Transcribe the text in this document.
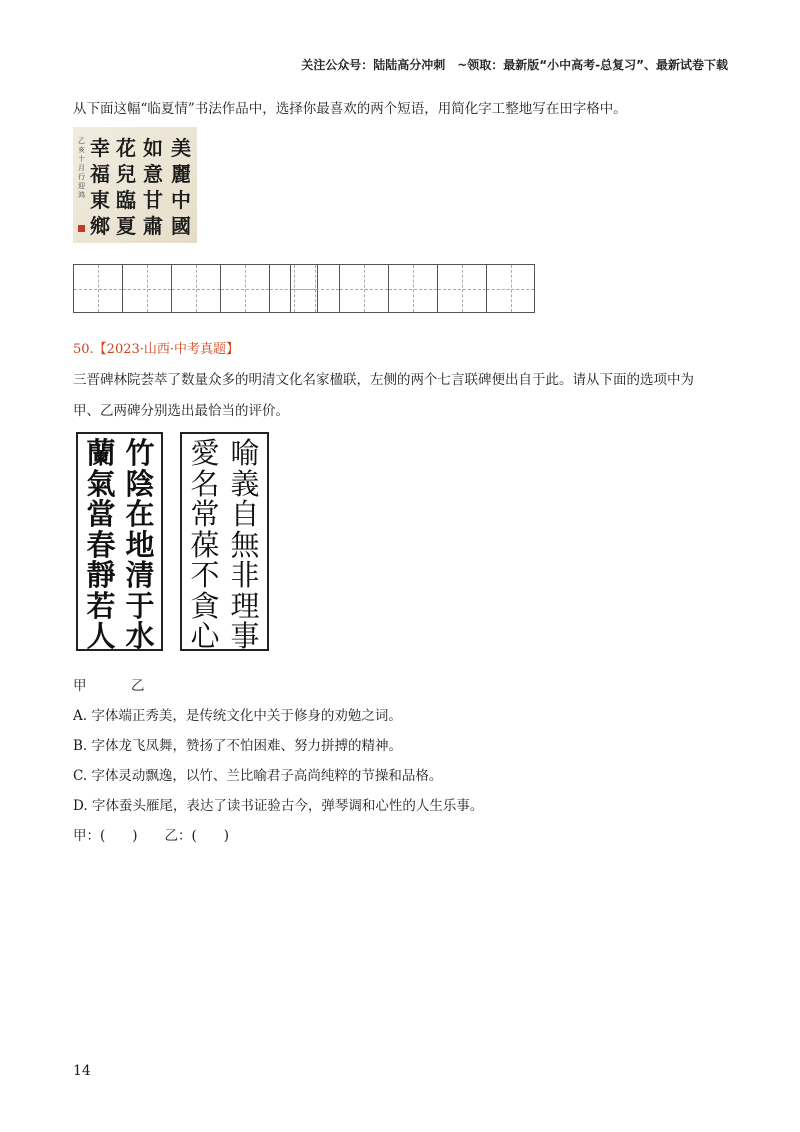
关注公众号：陆陆高分冲刺　~领取：最新版“小中高考-总复习”、最新试卷下载
从下面这幅“临夏情”书法作品中，选择你最喜欢的两个短语，用简化字工整地写在田字格中。
美
麗
中
國
如
意
甘
肅
花
兒
臨
夏
幸
福
東
鄉
乙亥十月行 迎鸿
50.【2023·山西·中考真题】
三晋碑林院荟萃了数量众多的明清文化名家楹联，左侧的两个七言联碑便出自于此。请从下面的选项中为
甲、乙两碑分别选出最恰当的评价。
竹
陰
在
地
清
于
水
蘭
氣
當
春
靜
若
人
喻
義
自
無
非
理
事
愛
名
常
葆
不
貪
心
甲	乙
A. 字体端正秀美，是传统文化中关于修身的劝勉之词。
B. 字体龙飞凤舞，赞扬了不怕困难、努力拼搏的精神。
C. 字体灵动飘逸，以竹、兰比喻君子高尚纯粹的节操和品格。
D. 字体蚕头雁尾，表达了读书证验古今，弹琴调和心性的人生乐事。
甲：(　　)　　乙：(　　)
14
